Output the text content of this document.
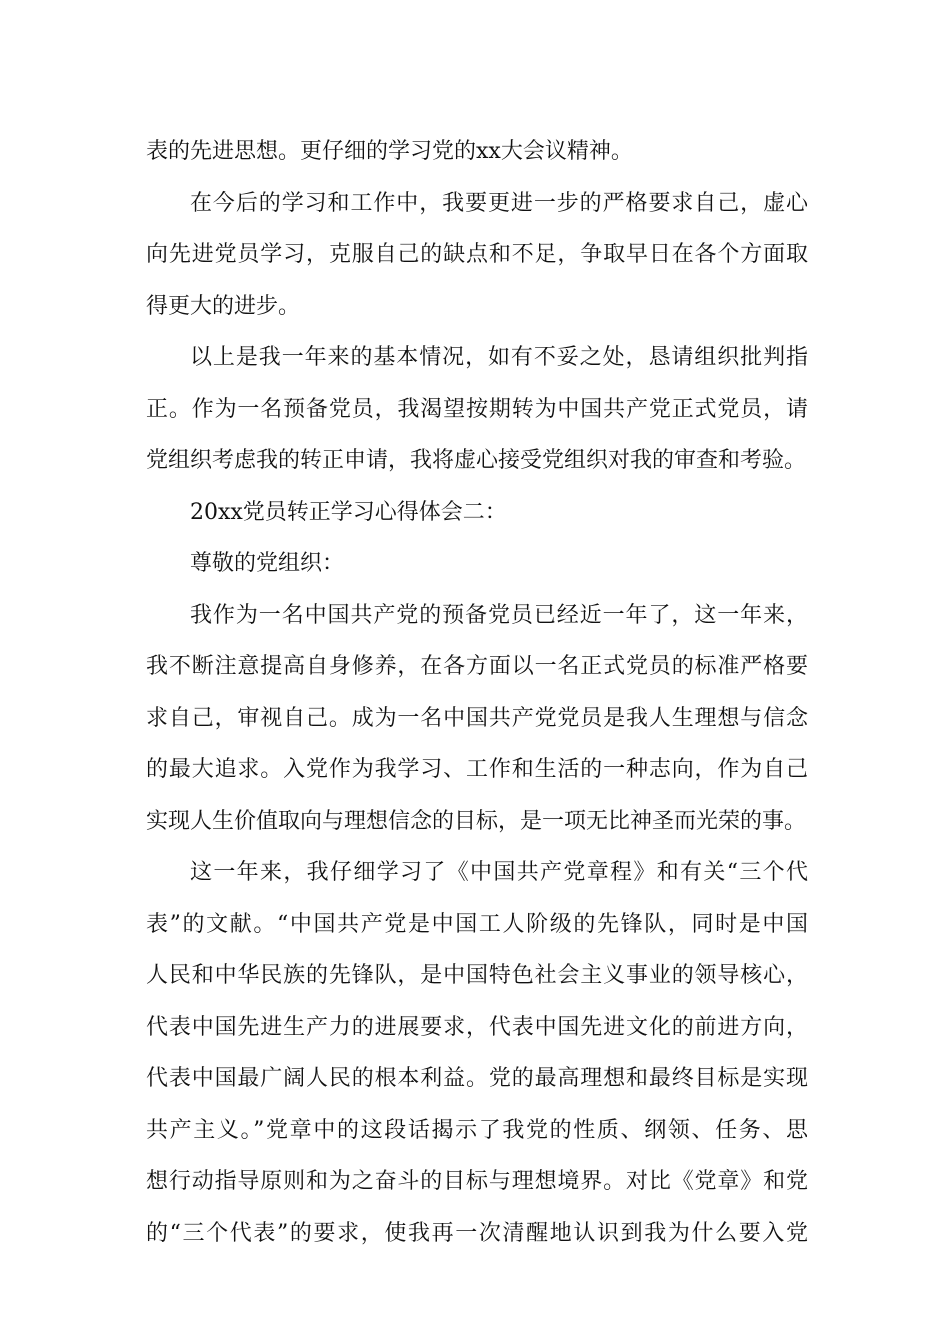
表的先进思想。更仔细的学习党的xx大会议精神。
在今后的学习和工作中，我要更进一步的严格要求自己，虚心
向先进党员学习，克服自己的缺点和不足，争取早日在各个方面取
得更大的进步。
以上是我一年来的基本情况，如有不妥之处，恳请组织批判指
正。作为一名预备党员，我渴望按期转为中国共产党正式党员，请
党组织考虑我的转正申请，我将虚心接受党组织对我的审查和考验。
20xx党员转正学习心得体会二：
尊敬的党组织：
我作为一名中国共产党的预备党员已经近一年了，这一年来，
我不断注意提高自身修养，在各方面以一名正式党员的标准严格要
求自己，审视自己。成为一名中国共产党党员是我人生理想与信念
的最大追求。入党作为我学习、工作和生活的一种志向，作为自己
实现人生价值取向与理想信念的目标，是一项无比神圣而光荣的事。
这一年来，我仔细学习了《中国共产党章程》和有关“三个代
表”的文献。“中国共产党是中国工人阶级的先锋队，同时是中国
人民和中华民族的先锋队，是中国特色社会主义事业的领导核心，
代表中国先进生产力的进展要求，代表中国先进文化的前进方向，
代表中国最广阔人民的根本利益。党的最高理想和最终目标是实现
共产主义。”党章中的这段话揭示了我党的性质、纲领、任务、思
想行动指导原则和为之奋斗的目标与理想境界。对比《党章》和党
的“三个代表”的要求，使我再一次清醒地认识到我为什么要入党
